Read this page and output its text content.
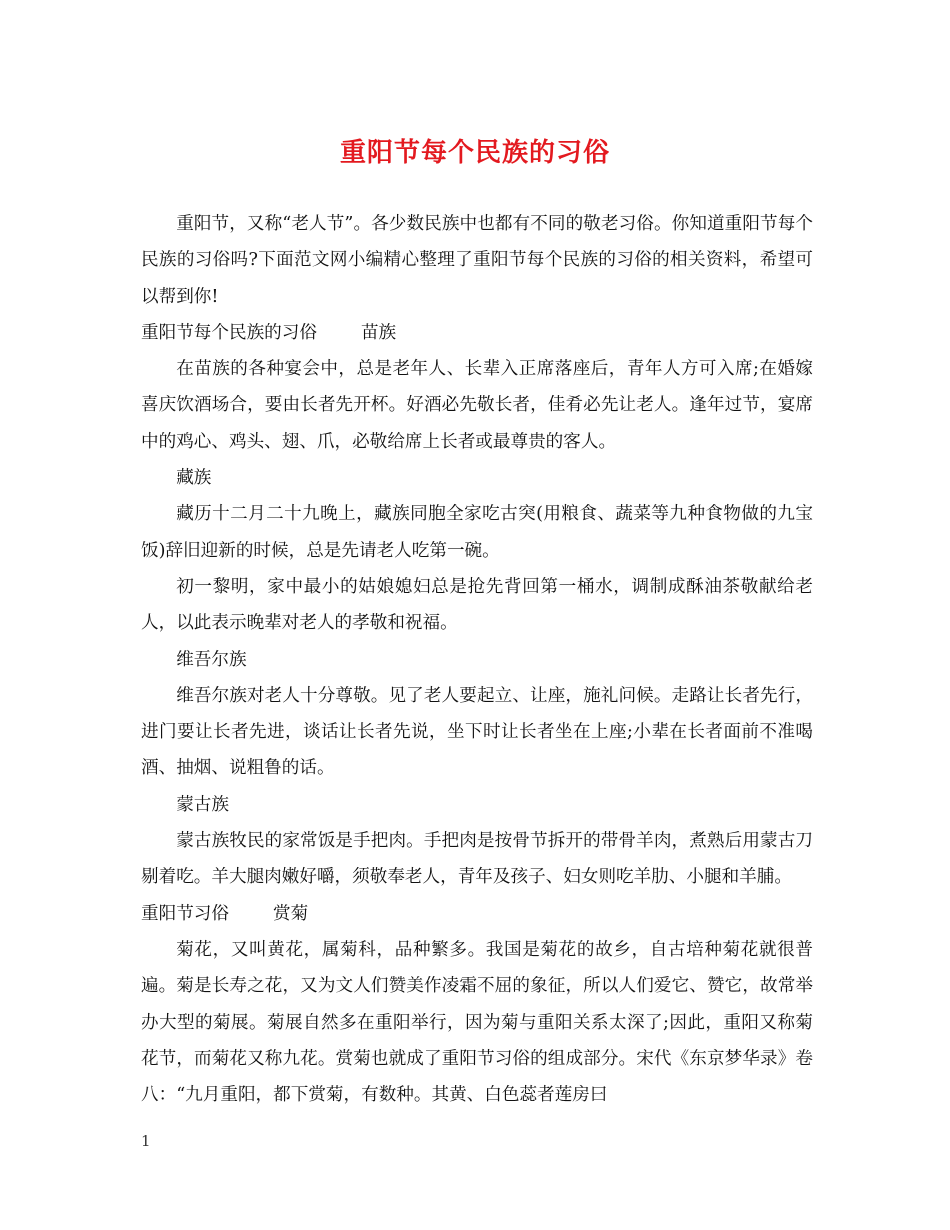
重阳节每个民族的习俗

重阳节，又称“老人节”。各少数民族中也都有不同的敬老习俗。你知道重阳节每个民族的习俗吗?下面范文网小编精心整理了重阳节每个民族的习俗的相关资料，希望可以帮到你!

重阳节每个民族的习俗	苗族

在苗族的各种宴会中，总是老年人、长辈入正席落座后，青年人方可入席;在婚嫁喜庆饮酒场合，要由长者先开杯。好酒必先敬长者，佳肴必先让老人。逢年过节，宴席中的鸡心、鸡头、翅、爪，必敬给席上长者或最尊贵的客人。

藏族

藏历十二月二十九晚上，藏族同胞全家吃古突(用粮食、蔬菜等九种食物做的九宝饭)辞旧迎新的时候，总是先请老人吃第一碗。

初一黎明，家中最小的姑娘媳妇总是抢先背回第一桶水，调制成酥油茶敬献给老人，以此表示晚辈对老人的孝敬和祝福。

维吾尔族

维吾尔族对老人十分尊敬。见了老人要起立、让座，施礼问候。走路让长者先行，进门要让长者先进，谈话让长者先说，坐下时让长者坐在上座;小辈在长者面前不准喝酒、抽烟、说粗鲁的话。

蒙古族

蒙古族牧民的家常饭是手把肉。手把肉是按骨节拆开的带骨羊肉，煮熟后用蒙古刀剔着吃。羊大腿肉嫩好嚼，须敬奉老人，青年及孩子、妇女则吃羊肋、小腿和羊脯。

重阳节习俗	赏菊

菊花，又叫黄花，属菊科，品种繁多。我国是菊花的故乡，自古培种菊花就很普遍。菊是长寿之花，又为文人们赞美作凌霜不屈的象征，所以人们爱它、赞它，故常举办大型的菊展。菊展自然多在重阳举行，因为菊与重阳关系太深了;因此，重阳又称菊花节，而菊花又称九花。赏菊也就成了重阳节习俗的组成部分。宋代《东京梦华录》卷八：“九月重阳，都下赏菊，有数种。其黄、白色蕊者莲房曰

1
